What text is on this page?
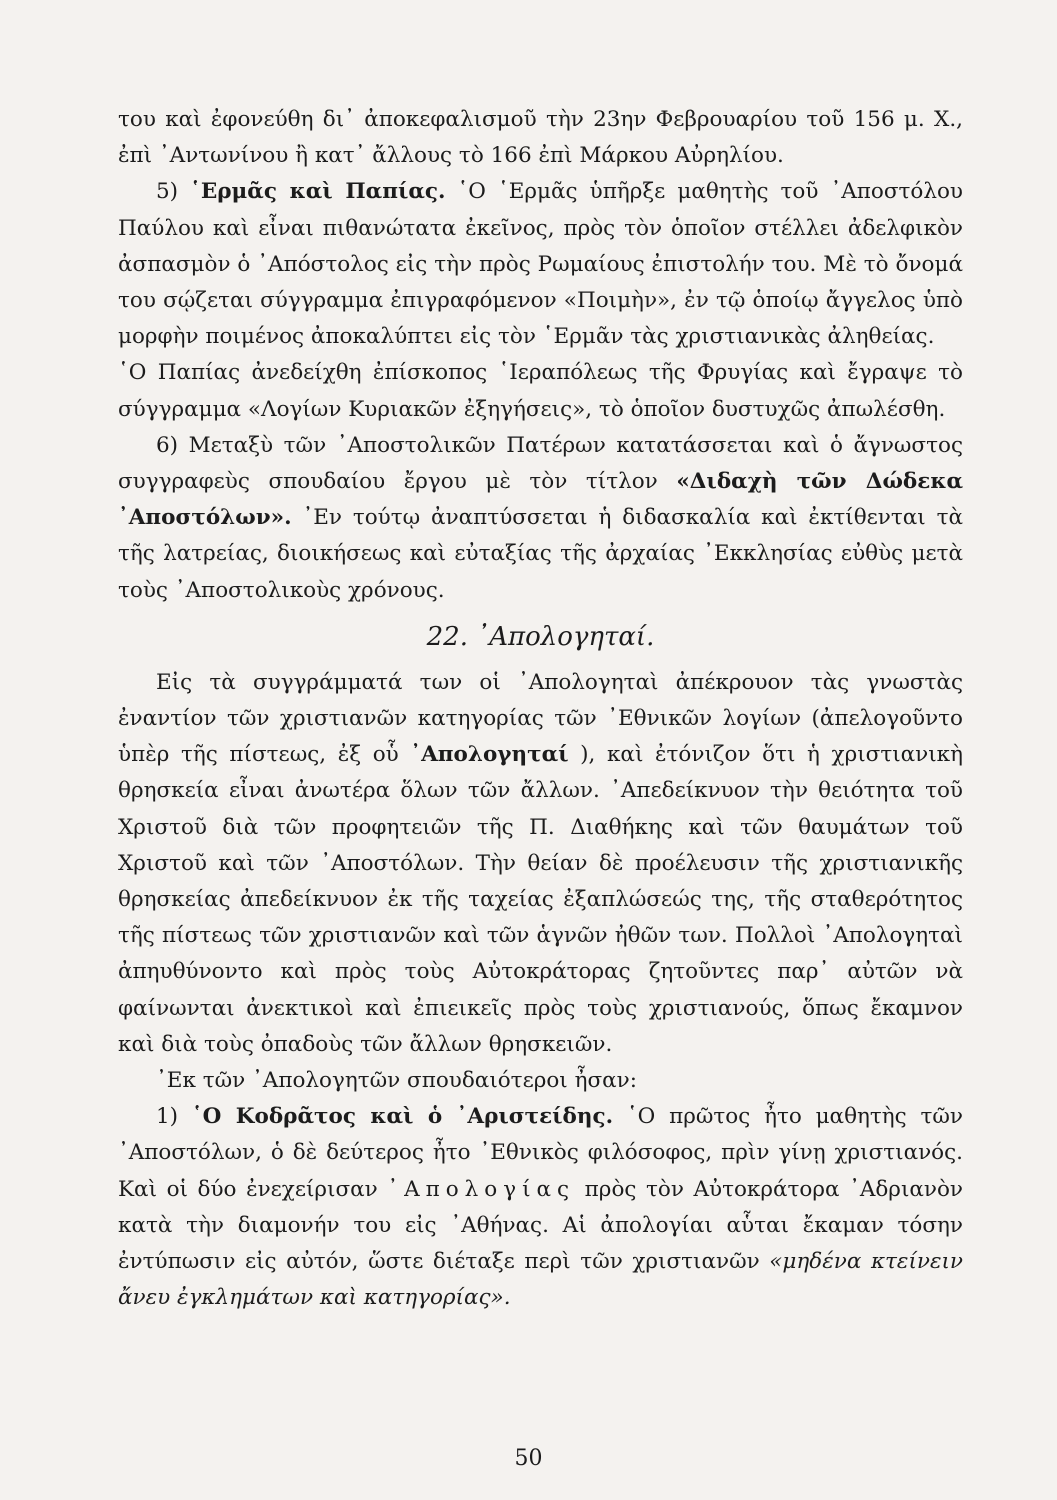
του καὶ ἐφονεύθη δι᾽ ἀποκεφαλισμοῦ τὴν 23ην Φεβρουαρίου τοῦ 156 μ. Χ., ἐπὶ ᾽Αντωνίνου ἢ κατ᾽ ἄλλους τὸ 166 ἐπὶ Μάρκου Αὐρηλίου.

5) ῾Ερμᾶς καὶ Παπίας. ῾Ο ῾Ερμᾶς ὑπῆρξε μαθητὴς τοῦ ᾽Αποστόλου Παύλου καὶ εἶναι πιθανώτατα ἐκεῖνος, πρὸς τὸν ὁποῖον στέλλει ἀδελφικὸν ἀσπασμὸν ὁ ᾽Απόστολος εἰς τὴν πρὸς Ρωμαίους ἐπιστολήν του. Μὲ τὸ ὄνομά του σῴζεται σύγγραμμα ἐπιγραφόμενον «Ποιμὴν», ἐν τῷ ὁποίῳ ἄγγελος ὑπὸ μορφὴν ποιμένος ἀποκαλύπτει εἰς τὸν ῾Ερμᾶν τὰς χριστιανικὰς ἀληθείας.

῾Ο Παπίας ἀνεδείχθη ἐπίσκοπος ῾Ιεραπόλεως τῆς Φρυγίας καὶ ἔγραψε τὸ σύγγραμμα «Λογίων Κυριακῶν ἐξηγήσεις», τὸ ὁποῖον δυστυχῶς ἀπωλέσθη.

6) Μεταξὺ τῶν ᾽Αποστολικῶν Πατέρων κατατάσσεται καὶ ὁ ἄγνωστος συγγραφεὺς σπουδαίου ἔργου μὲ τὸν τίτλον «Διδαχὴ τῶν Δώδεκα ᾽Αποστόλων». ᾽Εν τούτῳ ἀναπτύσσεται ἡ διδασκαλία καὶ ἐκτίθενται τὰ τῆς λατρείας, διοικήσεως καὶ εὐταξίας τῆς ἀρχαίας ᾽Εκκλησίας εὐθὺς μετὰ τοὺς ᾽Αποστολικοὺς χρόνους.

22. ᾽Απολογηταί.

Εἰς τὰ συγγράμματά των οἱ ᾽Απολογηταὶ ἀπέκρουον τὰς γνωστὰς ἐναντίον τῶν χριστιανῶν κατηγορίας τῶν ᾽Εθνικῶν λογίων (ἀπελογοῦντο ὑπὲρ τῆς πίστεως, ἐξ οὗ ᾽Απολογηταί ), καὶ ἐτόνιζον ὅτι ἡ χριστιανικὴ θρησκεία εἶναι ἀνωτέρα ὅλων τῶν ἄλλων. ᾽Απεδείκνυον τὴν θειότητα τοῦ Χριστοῦ διὰ τῶν προφητειῶν τῆς Π. Διαθήκης καὶ τῶν θαυμάτων τοῦ Χριστοῦ καὶ τῶν ᾽Αποστόλων. Τὴν θείαν δὲ προέλευσιν τῆς χριστιανικῆς θρησκείας ἀπεδείκνυον ἐκ τῆς ταχείας ἐξαπλώσεώς της, τῆς σταθερότητος τῆς πίστεως τῶν χριστιανῶν καὶ τῶν ἁγνῶν ἠθῶν των. Πολλοὶ ᾽Απολογηταὶ ἀπηυθύνοντο καὶ πρὸς τοὺς Αὐτοκράτορας ζητοῦντες παρ᾽ αὐτῶν νὰ φαίνωνται ἀνεκτικοὶ καὶ ἐπιεικεῖς πρὸς τοὺς χριστιανούς, ὅπως ἔκαμνον καὶ διὰ τοὺς ὀπαδοὺς τῶν ἄλλων θρησκειῶν.

᾽Εκ τῶν ᾽Απολογητῶν σπουδαιότεροι ἦσαν:

1) ῾Ο Κοδρᾶτος καὶ ὁ ᾽Αριστείδης. ῾Ο πρῶτος ἦτο μαθητὴς τῶν ᾽Αποστόλων, ὁ δὲ δεύτερος ἦτο ᾽Εθνικὸς φιλόσοφος, πρὶν γίνῃ χριστιανός. Καὶ οἱ δύο ἐνεχείρισαν ᾽Απολογίας πρὸς τὸν Αὐτοκράτορα ᾽Αδριανὸν κατὰ τὴν διαμονήν του εἰς ᾽Αθήνας. Αἱ ἀπολογίαι αὗται ἔκαμαν τόσην ἐντύπωσιν εἰς αὐτόν, ὥστε διέταξε περὶ τῶν χριστιανῶν «μηδένα κτείνειν ἄνευ ἐγκλημάτων καὶ κατηγορίας».

50
